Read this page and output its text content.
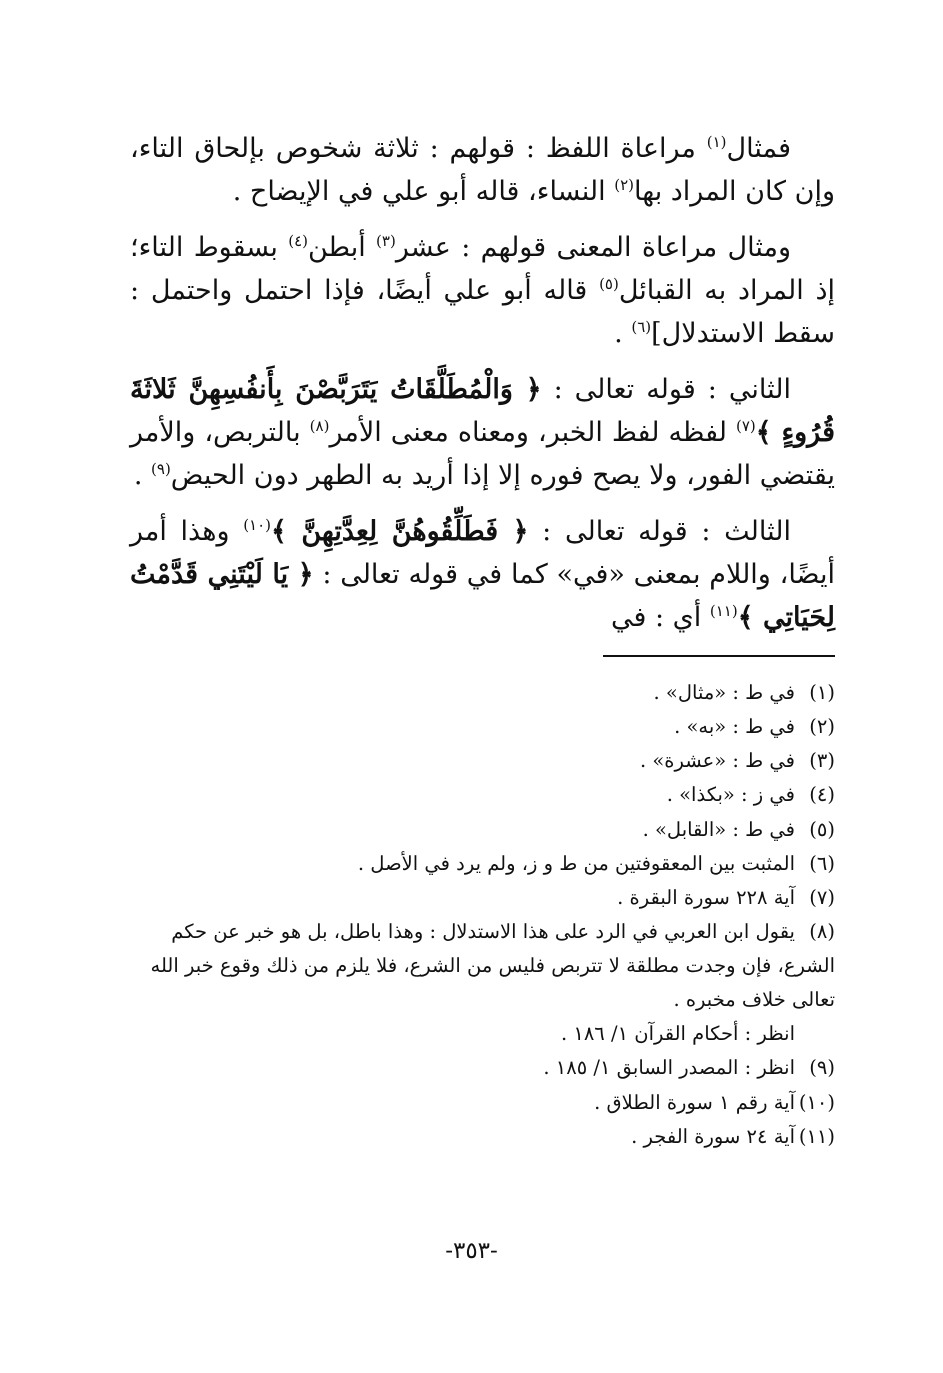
فمثال$^{(١)}$ مراعاة اللفظ : قولهم : ثلاثة شخوص بإلحاق التاء، وإن كان المراد بها$^{(٢)}$ النساء، قاله أبو علي في الإيضاح .

ومثال مراعاة المعنى قولهم : عشر$^{(٣)}$ أبطن$^{(٤)}$ بسقوط التاء؛ إذ المراد به القبائل$^{(٥)}$ قاله أبو علي أيضًا، فإذا احتمل واحتمل : سقط الاستدلال]$^{(٦)}$ .

الثاني : قوله تعالى : ﴿ وَالْمُطَلَّقَاتُ يَتَرَبَّصْنَ بِأَنفُسِهِنَّ ثَلاثَةَ قُرُوءٍ ﴾$^{(٧)}$ لفظه لفظ الخبر، ومعناه معنى الأمر$^{(٨)}$ بالتربص، والأمر يقتضي الفور، ولا يصح فوره إلا إذا أريد به الطهر دون الحيض$^{(٩)}$ .

الثالث : قوله تعالى : ﴿ فَطَلِّقُوهُنَّ لِعِدَّتِهِنَّ ﴾$^{(١٠)}$ وهذا أمر أيضًا، واللام بمعنى «في» كما في قوله تعالى : ﴿ يَا لَيْتَنِي قَدَّمْتُ لِحَيَاتِي ﴾$^{(١١)}$ أي : في

(١)في ط : «مثال» .

(٢)في ط : «به» .

(٣)في ط : «عشرة» .

(٤)في ز : «بكذا» .

(٥)في ط : «القابل» .

(٦)المثبت بين المعقوفتين من ط و ز، ولم يرد في الأصل .

(٧)آية ٢٢٨ سورة البقرة .

(٨)يقول ابن العربي في الرد على هذا الاستدلال : وهذا باطل، بل هو خبر عن حكم الشرع، فإن وجدت مطلقة لا تتربص فليس من الشرع، فلا يلزم من ذلك وقوع خبر الله تعالى خلاف مخبره .

انظر : أحكام القرآن ١/ ١٨٦ .

(٩)انظر : المصدر السابق ١/ ١٨٥ .

(١٠)آية رقم ١ سورة الطلاق .

(١١)آية ٢٤ سورة الفجر .

-٣٥٣-
